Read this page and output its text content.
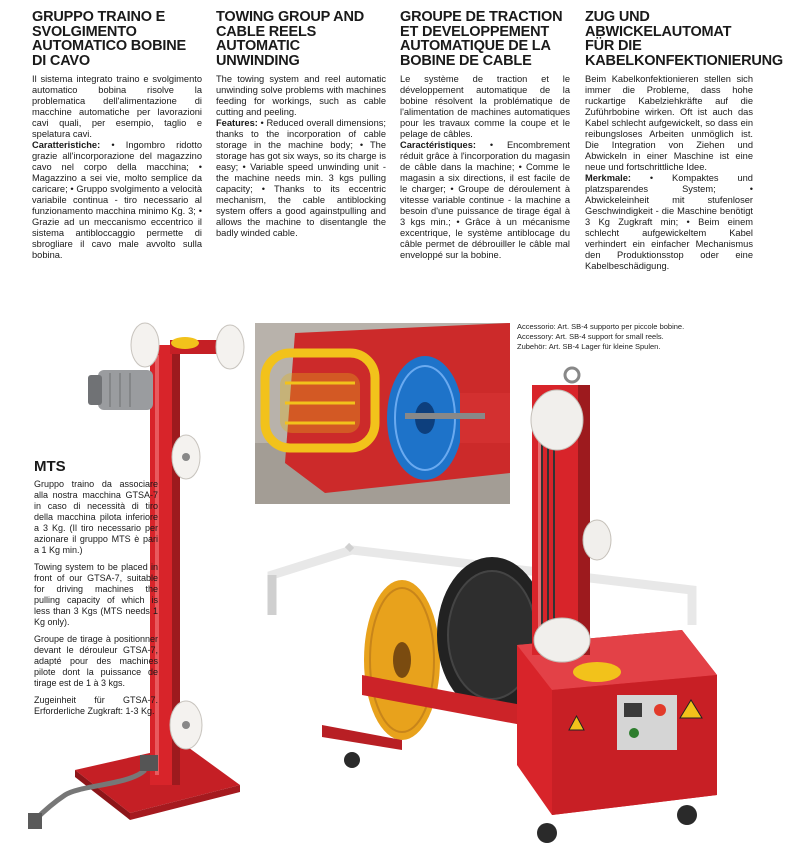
GRUPPO TRAINO E SVOLGIMENTO AUTOMATICO BOBINE DI CAVO

Il sistema integrato traino e svolgimento automatico bobina risolve la problematica dell'alimentazione di macchine automatiche per lavorazioni cavi quali, per esempio, taglio e spelatura cavi.

Caratteristiche: • Ingombro ridotto grazie all'incorporazione del magazzino cavo nel corpo della macchina; • Magazzino a sei vie, molto semplice da caricare; • Gruppo svolgimento a velocità variabile continua - tiro necessario al funzionamento macchina minimo Kg. 3; • Grazie ad un meccanismo eccentrico il sistema antibloccaggio permette di sbrogliare il cavo male avvolto sulla bobina.

TOWING GROUP AND CABLE REELS AUTOMATIC UNWINDING

The towing system and reel automatic unwinding solve problems with machines feeding for workings, such as cable cutting and peeling.

Features: • Reduced overall dimensions; thanks to the incorporation of cable storage in the machine body; • The storage has got six ways, so its charge is easy; • Variable speed unwinding unit - the machine needs min. 3 kgs pulling capacity; • Thanks to its eccentric mechanism, the cable antiblocking system offers a good againstpulling and allows the machine to disentangle the badly winded cable.

GROUPE DE TRACTION ET DEVELOPPEMENT AUTOMATIQUE DE LA BOBINE DE CABLE

Le système de traction et le développement automatique de la bobine résolvent la problématique de l'alimentation de machines automatiques pour les travaux comme la coupe et le pelage de câbles.

Caractéristiques: • Encombrement réduit grâce à l'incorporation du magasin de câble dans la machine; • Comme le magasin a six directions, il est facile de le charger; • Groupe de déroulement à vitesse variable continue - la machine a besoin d'une puissance de tirage égal à 3 kgs min.; • Grâce à un mécanisme excentrique, le système antiblocage du câble permet de débrouiller le câble mal enveloppé sur la bobine.

ZUG UND ABWICKELAUTOMAT FÜR DIE KABELKONFEKTIONIERUNG

Beim Kabelkonfektionieren stellen sich immer die Probleme, dass hohe ruckartige Kabelziehkräfte auf die Zuführbobine wirken. Oft ist auch das Kabel schlecht aufgewickelt, so dass ein reibungsloses Arbeiten unmöglich ist. Die Integration von Ziehen und Abwickeln in einer Maschine ist eine neue und fortschrittliche Idee.

Merkmale: • Kompaktes und platzsparendes System; • Abwickeleinheit mit stufenloser Geschwindigkeit - die Maschine benötigt 3 Kg Zugkraft min; • Beim einem schlecht aufgewickeltem Kabel verhindert ein einfacher Mechanismus den Produktionsstop oder eine Kabelbeschädigung.

MTS

Gruppo traino da associare alla nostra macchina GTSA-7 in caso di necessità di tiro della macchina pilota inferiore a 3 Kg. (Il tiro necessario per azionare il gruppo MTS è pari a 1 Kg min.)

Towing system to be placed in front of our GTSA-7, suitable for driving machines the pulling capacity of which is less than 3 Kgs (MTS needs 1 Kg only).

Groupe de tirage à positionner devant le dérouleur GTSA-7, adapté pour des machines pilote dont la puissance de tirage est de 1 à 3 kgs.

Zugeinheit für GTSA-7. Erforderliche Zugkraft: 1-3 Kg.

Accessorio: Art. SB-4 supporto per piccole bobine.
Accessory: Art. SB-4 support for small reels.
Zubehör: Art. SB-4 Lager für kleine Spulen.
